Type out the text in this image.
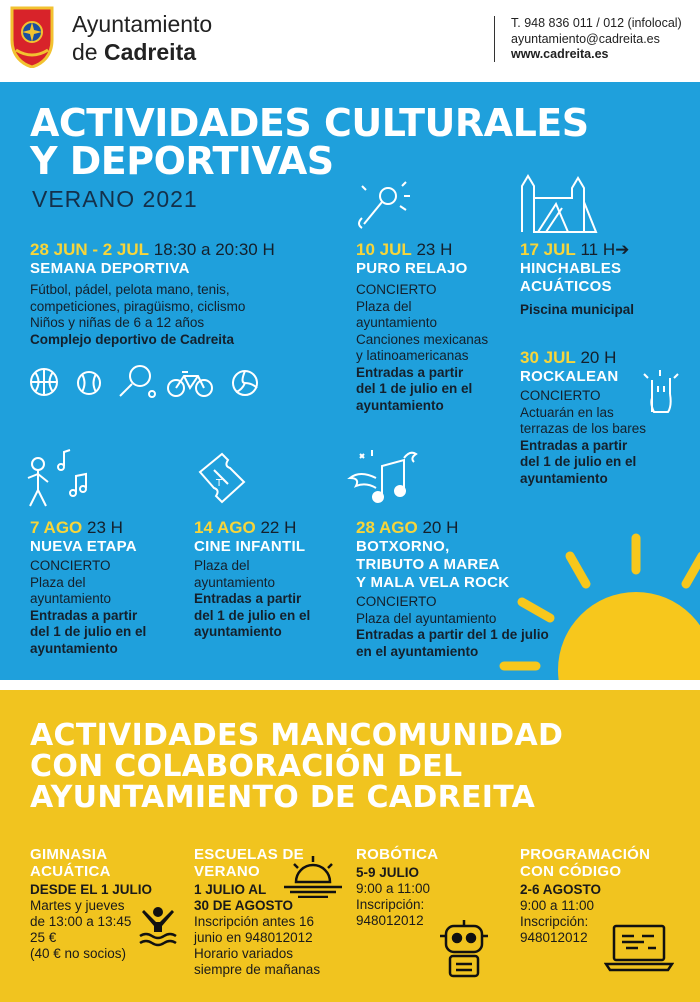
Ayuntamiento
de Cadreita
T. 948 836 011 / 012 (infolocal)
ayuntamiento@cadreita.es
www.cadreita.es
ACTIVIDADES CULTURALES
Y DEPORTIVAS
VERANO 2021
28 JUN - 2 JUL 18:30 a 20:30 H
SEMANA DEPORTIVA
Fútbol, pádel, pelota mano, tenis,
competiciones, piragüismo, ciclismo
Niños y niñas de 6 a 12 años
Complejo deportivo de Cadreita
10 JUL 23 H
PURO RELAJO
CONCIERTO
Plaza del
ayuntamiento
Canciones mexicanas
y latinoamericanas
Entradas a partir
del 1 de julio en el
ayuntamiento
17 JUL 11 H➔
HINCHABLES
ACUÁTICOS
Piscina municipal
30 JUL 20 H
ROCKALEAN
CONCIERTO
Actuarán en las
terrazas de los bares
Entradas a partir
del 1 de julio en el
ayuntamiento
T
7 AGO 23 H
NUEVA ETAPA
CONCIERTO
Plaza del
ayuntamiento
Entradas a partir
del 1 de julio en el
ayuntamiento
14 AGO 22 H
CINE INFANTIL
Plaza del
ayuntamiento
Entradas a partir
del 1 de julio en el
ayuntamiento
28 AGO 20 H
BOTXORNO,
TRIBUTO A MAREA
Y MALA VELA ROCK
CONCIERTO
Plaza del ayuntamiento
Entradas a partir del 1 de julio
en el ayuntamiento
ACTIVIDADES MANCOMUNIDAD
CON COLABORACIÓN DEL
AYUNTAMIENTO DE CADREITA
GIMNASIA
ACUÁTICA
DESDE EL 1 JULIO
Martes y jueves
de 13:00 a 13:45
25 €
(40 € no socios)
ESCUELAS DE
VERANO
1 JULIO AL
30 DE AGOSTO
Inscripción antes 16
junio en 948012012
Horario variados
siempre de mañanas
ROBÓTICA
5-9 JULIO
9:00 a 11:00
Inscripción:
948012012
PROGRAMACIÓN
CON CÓDIGO
2-6 AGOSTO
9:00 a 11:00
Inscripción:
948012012
